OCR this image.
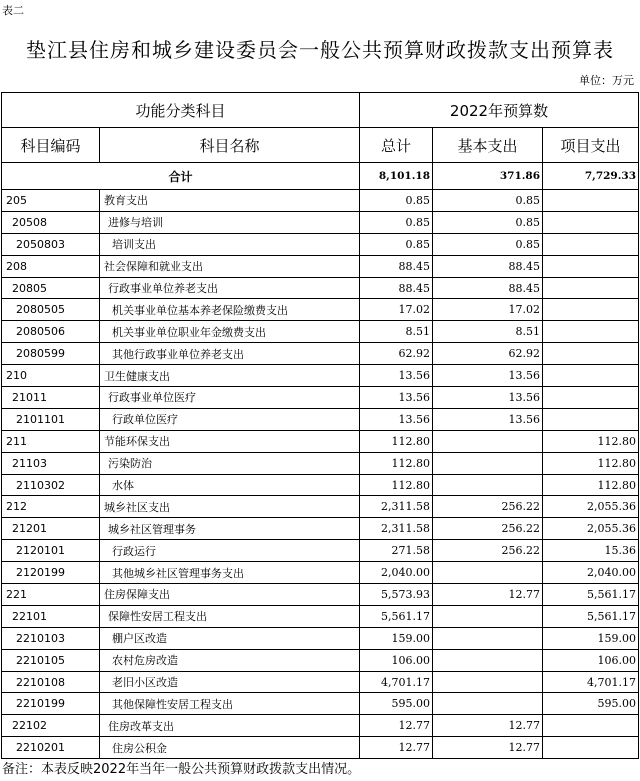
表二
垫江县住房和城乡建设委员会一般公共预算财政拨款支出预算表
单位：万元
功能分类科目		2022年预算数		
科目编码	科目名称	总计	基本支出	项目支出
合计		8,101.18	371.86	7,729.33
205	教育支出	0.85	0.85	
20508	进修与培训	0.85	0.85	
2050803	培训支出	0.85	0.85	
208	社会保障和就业支出	88.45	88.45	
20805	行政事业单位养老支出	88.45	88.45	
2080505	机关事业单位基本养老保险缴费支出	17.02	17.02	
2080506	机关事业单位职业年金缴费支出	8.51	8.51	
2080599	其他行政事业单位养老支出	62.92	62.92	
210	卫生健康支出	13.56	13.56	
21011	行政事业单位医疗	13.56	13.56	
2101101	行政单位医疗	13.56	13.56	
211	节能环保支出	112.80		112.80
21103	污染防治	112.80		112.80
2110302	水体	112.80		112.80
212	城乡社区支出	2,311.58	256.22	2,055.36
21201	城乡社区管理事务	2,311.58	256.22	2,055.36
2120101	行政运行	271.58	256.22	15.36
2120199	其他城乡社区管理事务支出	2,040.00		2,040.00
221	住房保障支出	5,573.93	12.77	5,561.17
22101	保障性安居工程支出	5,561.17		5,561.17
2210103	棚户区改造	159.00		159.00
2210105	农村危房改造	106.00		106.00
2210108	老旧小区改造	4,701.17		4,701.17
2210199	其他保障性安居工程支出	595.00		595.00
22102	住房改革支出	12.77	12.77	
2210201	住房公积金	12.77	12.77	
备注：本表反映2022年当年一般公共预算财政拨款支出情况。
